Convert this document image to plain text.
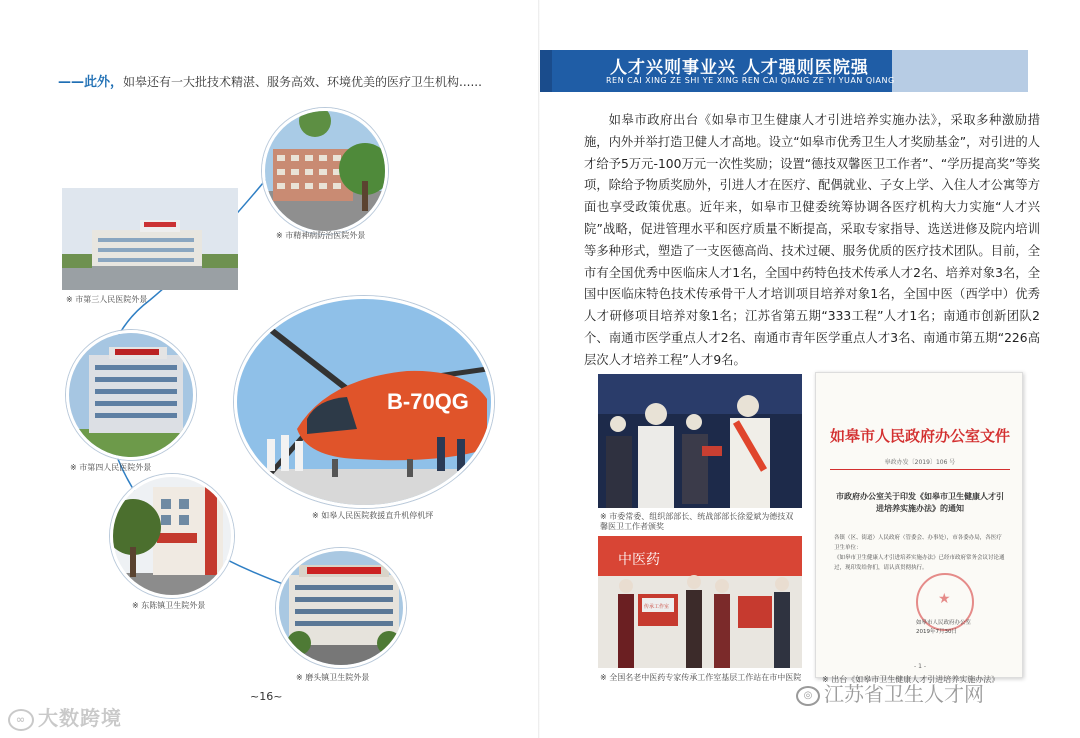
——此外，如皋还有一大批技术精湛、服务高效、环境优美的医疗卫生机构......
※ 市精神病防治医院外景
※ 市第三人民医院外景
※ 市第四人民医院外景
B-70QG
※ 如皋人民医院救援直升机停机坪
※ 东陈镇卫生院外景
※ 磨头镇卫生院外景
~16~
∞ 大数跨境
人才兴则事业兴 人才强则医院强
REN CAI XING ZE SHI YE XING REN CAI QIANG ZE YI YUAN QIANG
如皋市政府出台《如皋市卫生健康人才引进培养实施办法》，采取多种激励措施，内外并举打造卫健人才高地。设立“如皋市优秀卫生人才奖励基金”，对引进的人才给予5万元-100万元一次性奖励；设置“德技双馨医卫工作者”、“学历提高奖”等奖项，除给予物质奖励外，引进人才在医疗、配偶就业、子女上学、入住人才公寓等方面也享受政策优惠。近年来，如皋市卫健委统筹协调各医疗机构大力实施“人才兴院”战略，促进管理水平和医疗质量不断提高，采取专家指导、选送进修及院内培训等多种形式，塑造了一支医德高尚、技术过硬、服务优质的医疗技术团队。目前，全市有全国优秀中医临床人才1名，全国中药特色技术传承人才2名、培养对象3名，全国中医临床特色技术传承骨干人才培训项目培养对象1名，全国中医（西学中）优秀人才研修项目培养对象1名；江苏省第五期“333工程”人才1名；南通市创新团队2个、南通市医学重点人才2名、南通市青年医学重点人才3名、南通市第五期“226高层次人才培养工程”人才9名。
※ 市委常委、组织部部长、统战部部长徐爱斌为德技双馨医卫工作者颁奖
中医药
传承工作室
※ 全国名老中医药专家传承工作室基层工作站在市中医院
如皋市人民政府办公室文件
皋政办发〔2019〕106 号
市政府办公室关于印发《如皋市卫生健康人才引进培养实施办法》的通知
各镇（区、街道）人民政府（管委会、办事处），市各委办局，各医疗卫生单位：
《如皋市卫生健康人才引进培养实施办法》已经市政府常务会议讨论通过，现印发给你们，请认真贯彻执行。
★
如皋市人民政府办公室
2019年7月30日
- 1 -
※ 出台《如皋市卫生健康人才引进培养实施办法》
◎ 江苏省卫生人才网
